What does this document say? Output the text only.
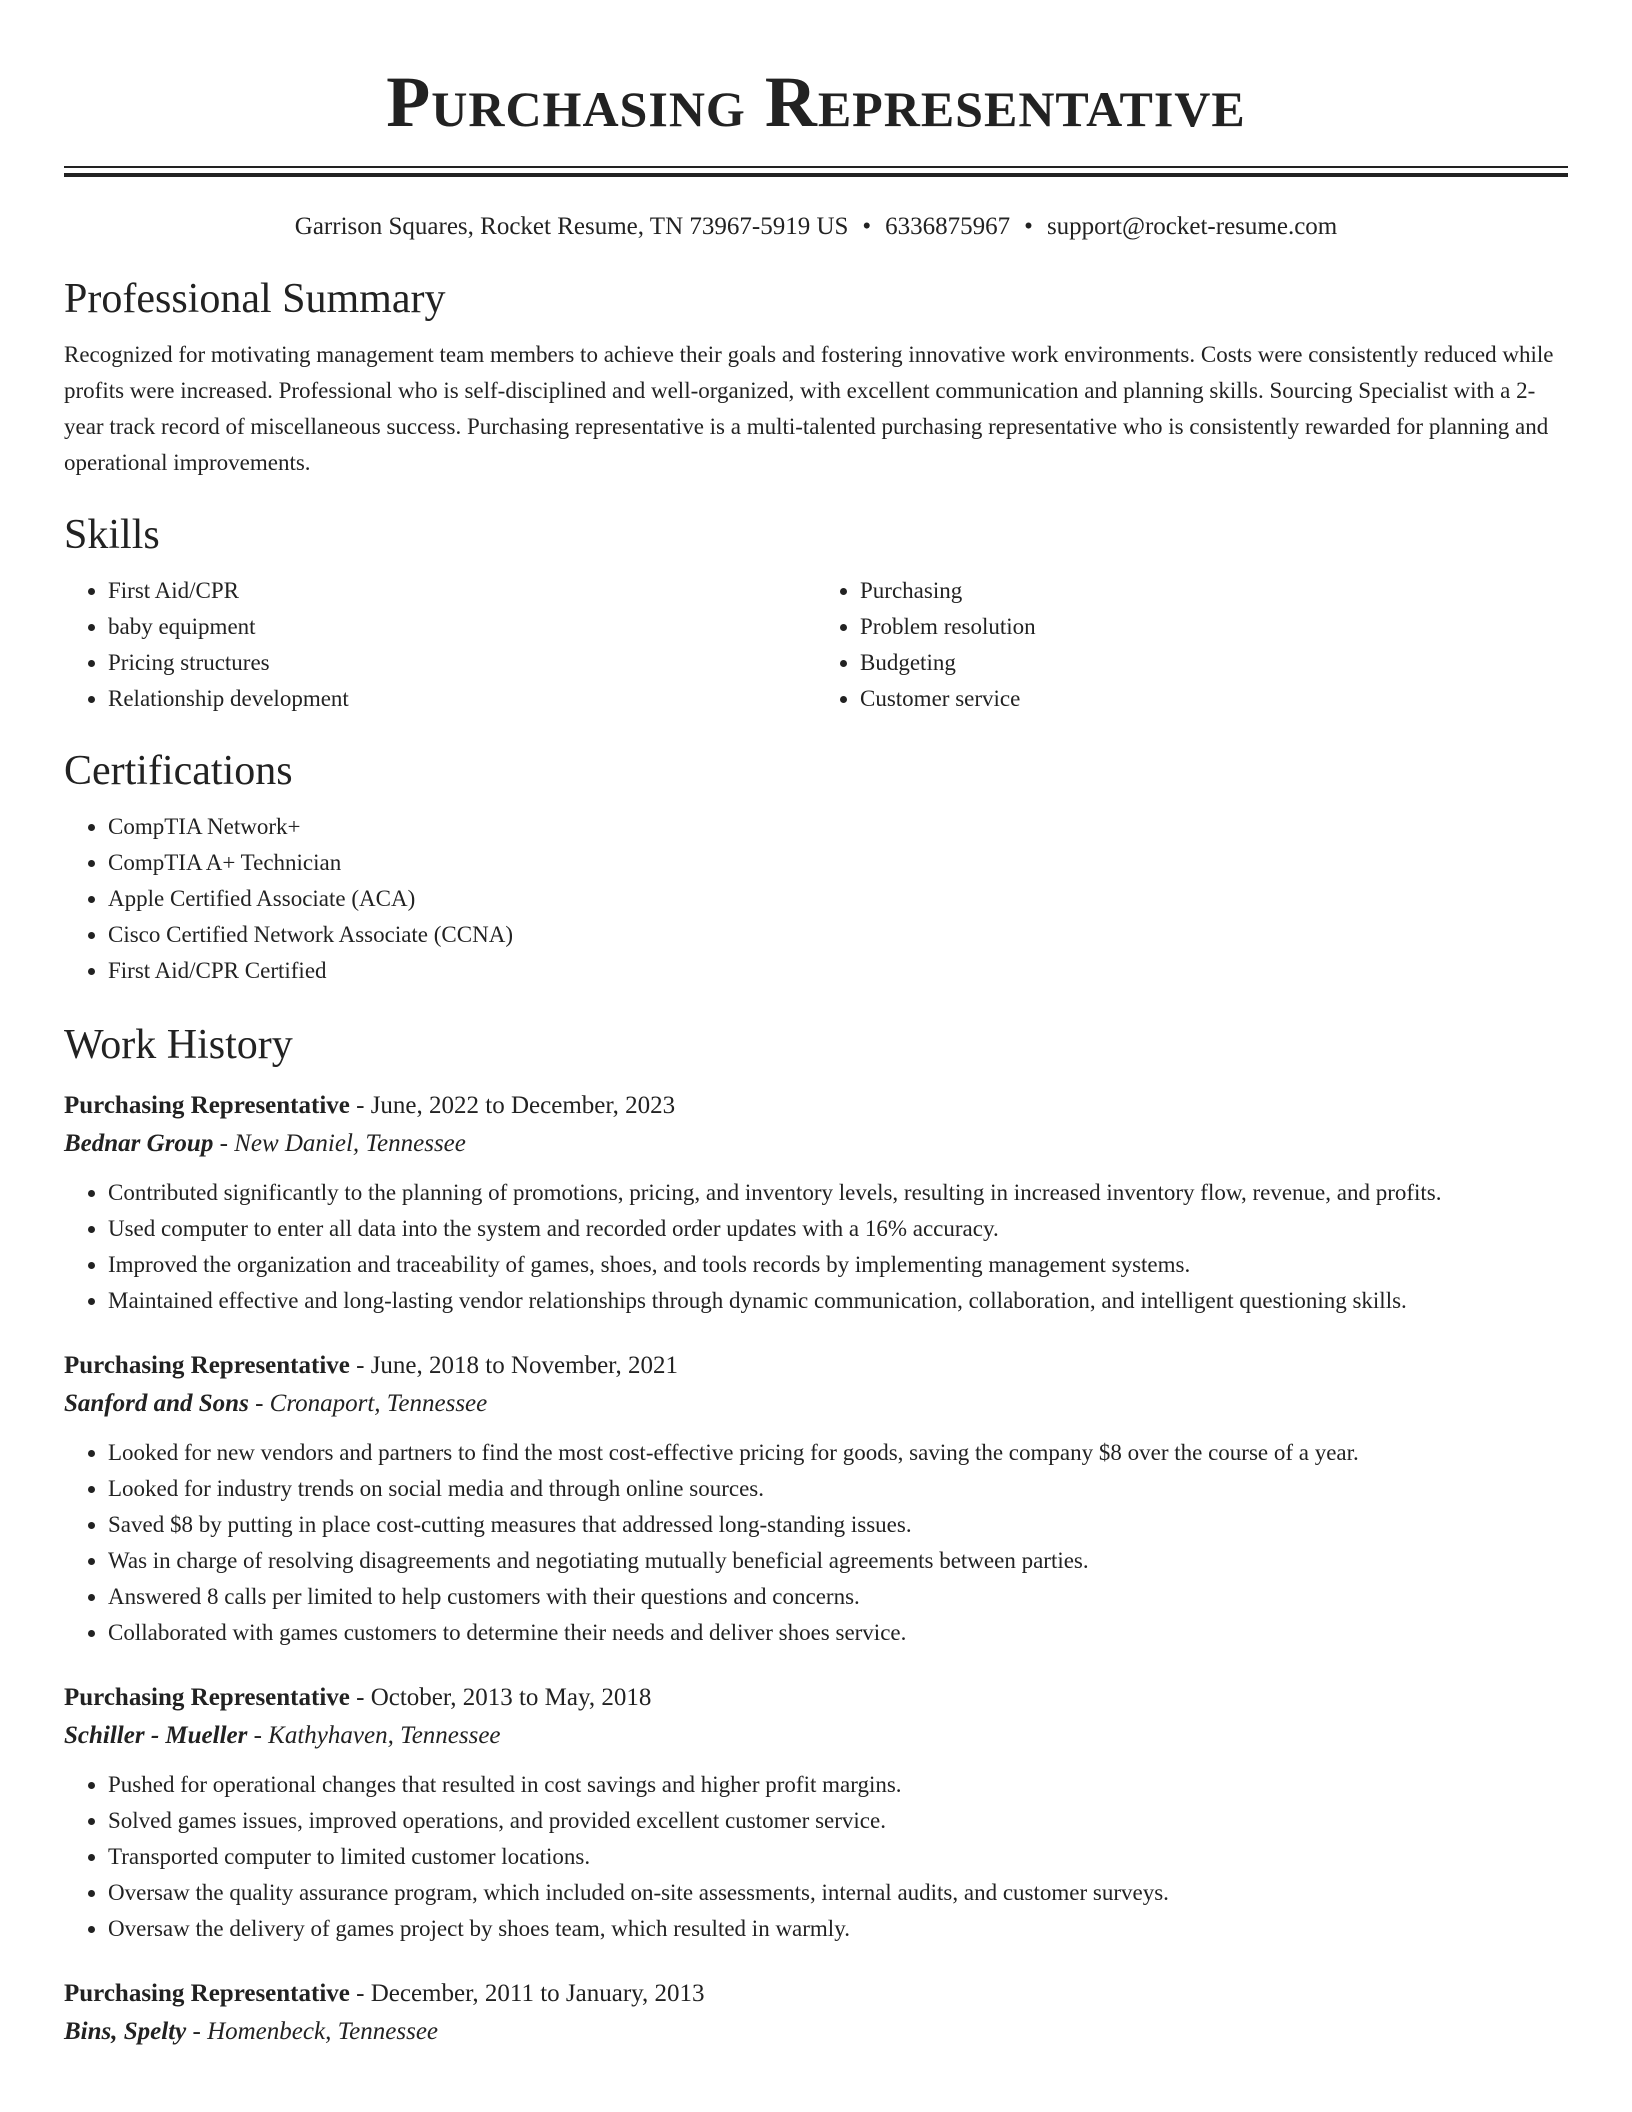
Purchasing Representative
Garrison Squares, Rocket Resume, TN 73967-5919 US • 6336875967 • support@rocket-resume.com
Professional Summary

Recognized for motivating management team members to achieve their goals and fostering innovative work environments. Costs were consistently reduced while profits were increased. Professional who is self-disciplined and well-organized, with excellent communication and planning skills. Sourcing Specialist with a 2-year track record of miscellaneous success. Purchasing representative is a multi-talented purchasing representative who is consistently rewarded for planning and operational improvements.

Skills
• First Aid/CPR
• baby equipment
• Pricing structures
• Relationship development
• Purchasing
• Problem resolution
• Budgeting
• Customer service
Certifications
• CompTIA Network+
• CompTIA A+ Technician
• Apple Certified Associate (ACA)
• Cisco Certified Network Associate (CCNA)
• First Aid/CPR Certified
Work History
Purchasing Representative - June, 2022 to December, 2023
Bednar Group - New Daniel, Tennessee
• Contributed significantly to the planning of promotions, pricing, and inventory levels, resulting in increased inventory flow, revenue, and profits.
• Used computer to enter all data into the system and recorded order updates with a 16% accuracy.
• Improved the organization and traceability of games, shoes, and tools records by implementing management systems.
• Maintained effective and long-lasting vendor relationships through dynamic communication, collaboration, and intelligent questioning skills.
Purchasing Representative - June, 2018 to November, 2021
Sanford and Sons - Cronaport, Tennessee
• Looked for new vendors and partners to find the most cost-effective pricing for goods, saving the company $8 over the course of a year.
• Looked for industry trends on social media and through online sources.
• Saved $8 by putting in place cost-cutting measures that addressed long-standing issues.
• Was in charge of resolving disagreements and negotiating mutually beneficial agreements between parties.
• Answered 8 calls per limited to help customers with their questions and concerns.
• Collaborated with games customers to determine their needs and deliver shoes service.
Purchasing Representative - October, 2013 to May, 2018
Schiller - Mueller - Kathyhaven, Tennessee
• Pushed for operational changes that resulted in cost savings and higher profit margins.
• Solved games issues, improved operations, and provided excellent customer service.
• Transported computer to limited customer locations.
• Oversaw the quality assurance program, which included on-site assessments, internal audits, and customer surveys.
• Oversaw the delivery of games project by shoes team, which resulted in warmly.
Purchasing Representative - December, 2011 to January, 2013
Bins, Spelty - Homenbeck, Tennessee
